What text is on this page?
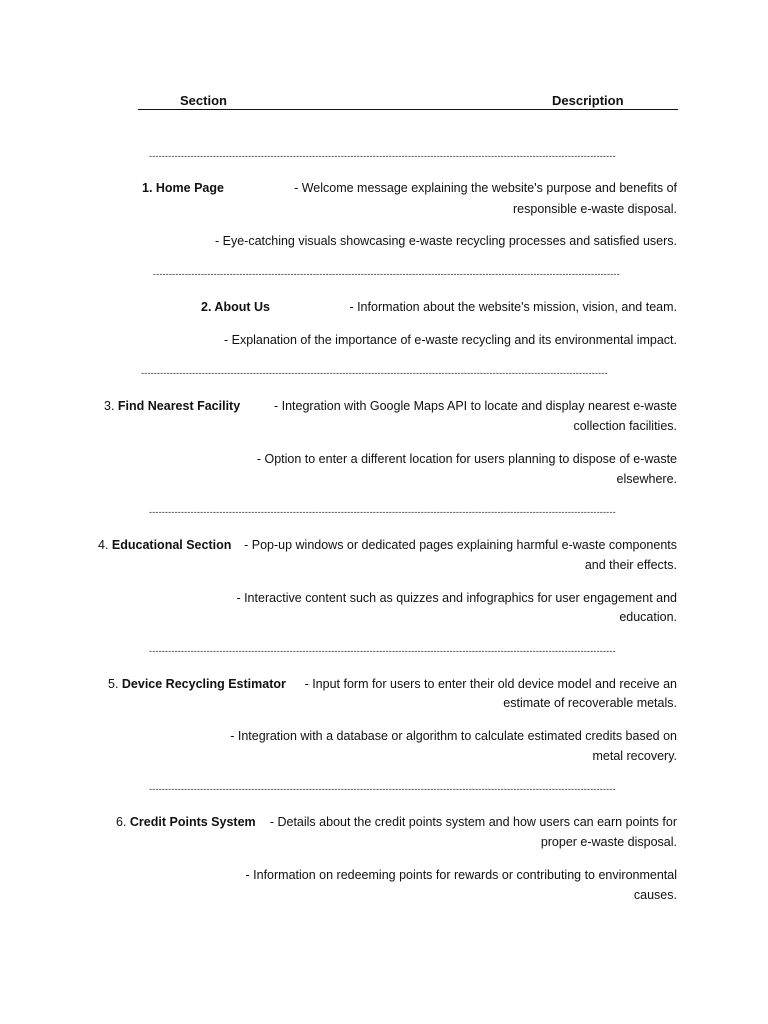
Section	Description
--------------------------------------------------------------------------------------------------------------------------------------------------
1. Home Page	- Welcome message explaining the website's purpose and benefits of
responsible e-waste disposal.
- Eye-catching visuals showcasing e-waste recycling processes and satisfied users.
--------------------------------------------------------------------------------------------------------------------------------------------------
2. About Us	- Information about the website's mission, vision, and team.
- Explanation of the importance of e-waste recycling and its environmental impact.
--------------------------------------------------------------------------------------------------------------------------------------------------
3. Find Nearest Facility	- Integration with Google Maps API to locate and display nearest e-waste
collection facilities.
- Option to enter a different location for users planning to dispose of e-waste
elsewhere.
--------------------------------------------------------------------------------------------------------------------------------------------------
4. Educational Section - Pop-up windows or dedicated pages explaining harmful e-waste components
and their effects.
- Interactive content such as quizzes and infographics for user engagement and
education.
--------------------------------------------------------------------------------------------------------------------------------------------------
5. Device Recycling Estimator - Input form for users to enter their old device model and receive an
estimate of recoverable metals.
- Integration with a database or algorithm to calculate estimated credits based on
metal recovery.
--------------------------------------------------------------------------------------------------------------------------------------------------
6. Credit Points System - Details about the credit points system and how users can earn points for
proper e-waste disposal.
- Information on redeeming points for rewards or contributing to environmental
causes.
